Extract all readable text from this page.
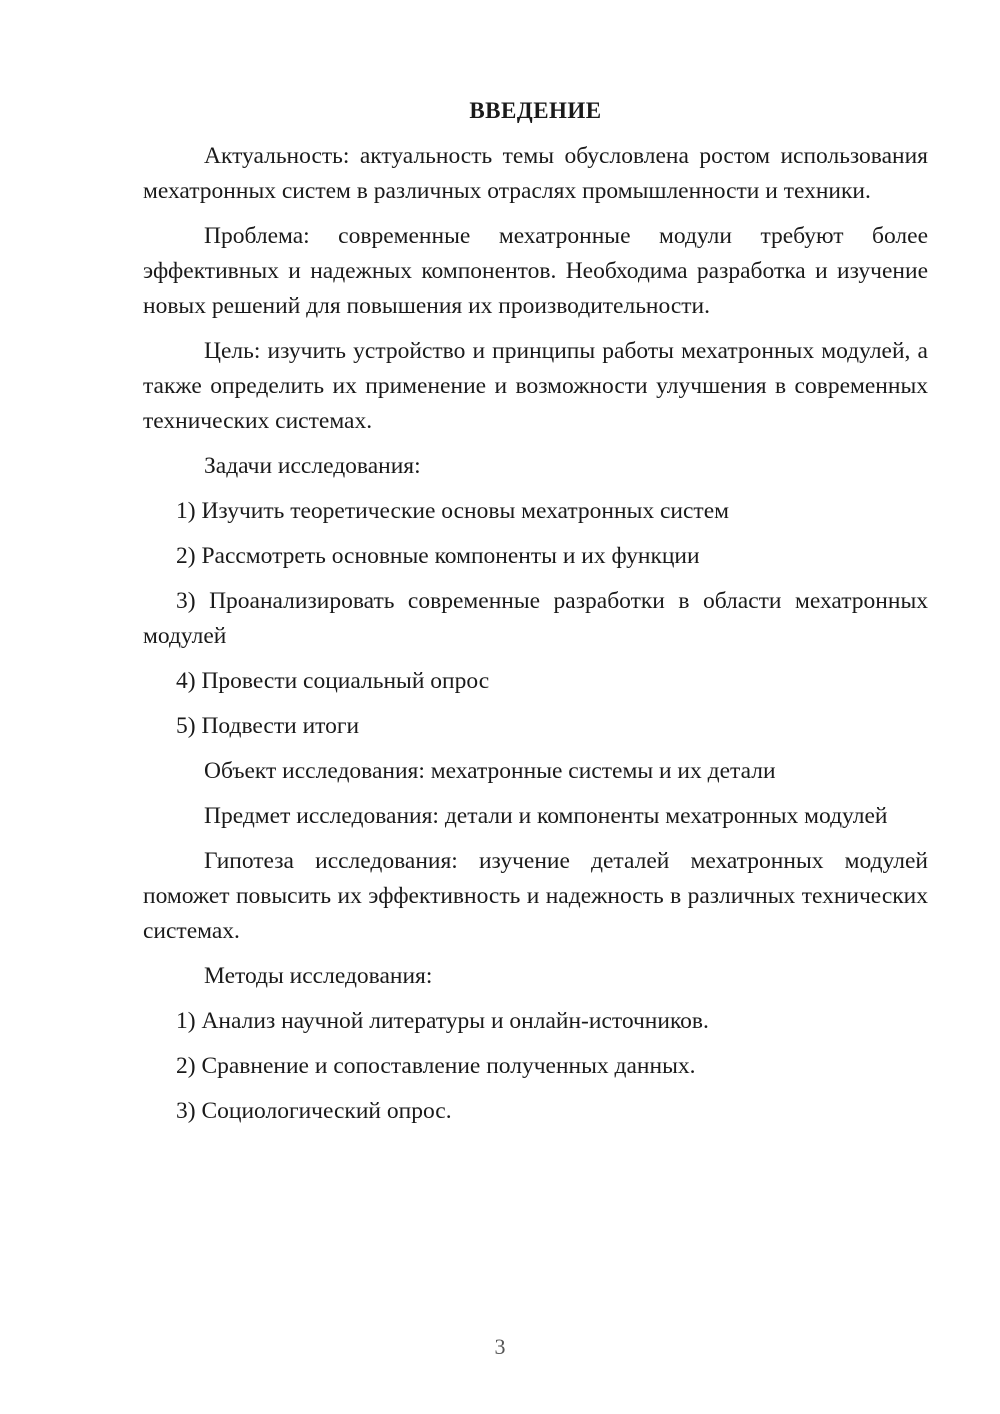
ВВЕДЕНИЕ
Актуальность: актуальность темы обусловлена ростом использования мехатронных систем в различных отраслях промышленности и техники.
Проблема: современные мехатронные модули требуют более эффективных и надежных компонентов. Необходима разработка и изучение новых решений для повышения их производительности.
Цель: изучить устройство и принципы работы мехатронных модулей, а также определить их применение и возможности улучшения в современных технических системах.
Задачи исследования:
1) Изучить теоретические основы мехатронных систем
2) Рассмотреть основные компоненты и их функции
3) Проанализировать современные разработки в области мехатронных модулей
4) Провести социальный опрос
5) Подвести итоги
Объект исследования: мехатронные системы и их детали
Предмет исследования: детали и компоненты мехатронных модулей
Гипотеза исследования: изучение деталей мехатронных модулей поможет повысить их эффективность и надежность в различных технических системах.
Методы исследования:
1) Анализ научной литературы и онлайн-источников.
2) Сравнение и сопоставление полученных данных.
3) Социологический опрос.
3
